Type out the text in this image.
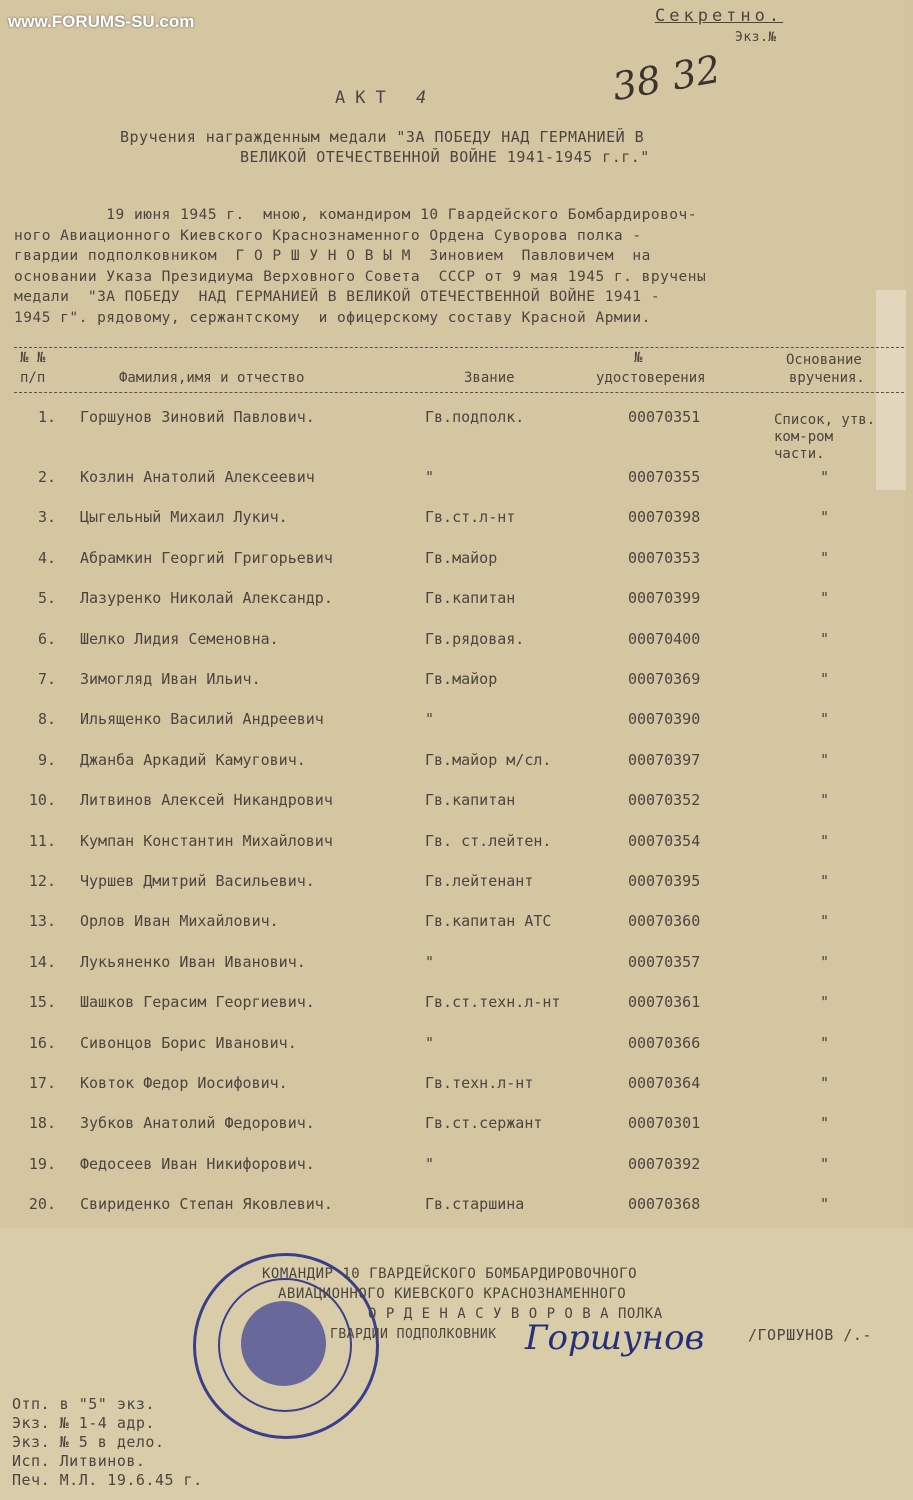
www.FORUMS-SU.com	Секретно.
Экз.№
38 32
АКТ 4
Вручения награжденным медали "ЗА ПОБЕДУ НАД ГЕРМАНИЕЙ В
ВЕЛИКОЙ ОТЕЧЕСТВЕННОЙ ВОЙНЕ 1941-1945 г.г."
19 июня 1945 г.  мною, командиром 10 Гвардейского Бомбардировоч-
ного Авиационного Киевского Краснознаменного Ордена Суворова полка -
гвардии подполковником  Г О Р Ш У Н О В Ы М  Зиновием  Павловичем  на
основании Указа Президиума Верховного Совета  СССР от 9 мая 1945 г. вручены
медали  "ЗА ПОБЕДУ  НАД ГЕРМАНИЕЙ В ВЕЛИКОЙ ОТЕЧЕСТВЕННОЙ ВОЙНЕ 1941 -
1945 г". рядовому, сержантскому  и офицерскому составу Красной Армии.
№ №
п/п	Фамилия,имя и отчество	Звание
№
удостоверения
Основание
вручения.
Список, утв.
ком-ром
части.
1. Горшунов Зиновий Павлович.	Гв.подполк.	00070351
2. Козлин Анатолий Алексеевич	"	00070355	"
3. Цыгельный Михаил Лукич.	Гв.ст.л-нт	00070398	"
4. Абрамкин Георгий Григорьевич	Гв.майор	00070353	"
5. Лазуренко Николай Александр.	Гв.капитан	00070399	"
6. Шелко Лидия Семеновна.	Гв.рядовая.	00070400	"
7. Зимогляд Иван Ильич.	Гв.майор	00070369	"
8. Ильященко Василий Андреевич	"	00070390	"
9. Джанба Аркадий Камугович.	Гв.майор м/сл.	00070397	"
10. Литвинов Алексей Никандрович	Гв.капитан	00070352	"
11. Кумпан Константин Михайлович	Гв. ст.лейтен.	00070354	"
12. Чуршев Дмитрий Васильевич.	Гв.лейтенант	00070395	"
13. Орлов Иван Михайлович.	Гв.капитан АТС	00070360	"
14. Лукьяненко Иван Иванович.	"	00070357	"
15. Шашков Герасим Георгиевич.	Гв.ст.техн.л-нт	00070361	"
16. Сивонцов Борис Иванович.	"	00070366	"
17. Ковток Федор Иосифович.	Гв.техн.л-нт	00070364	"
18. Зубков Анатолий Федорович.	Гв.ст.сержант	00070301	"
19. Федосеев Иван Никифорович.	"	00070392	"
20. Свириденко Степан Яковлевич.	Гв.старшина	00070368	"
КОМАНДИР 10 ГВАРДЕЙСКОГО БОМБАРДИРОВОЧНОГО
АВИАЦИОННОГО КИЕВСКОГО КРАСНОЗНАМЕННОГО
О Р Д Е Н А С У В О Р О В А ПОЛКА
ГВАРДИИ ПОДПОЛКОВНИК Горшунов	/ГОРШУНОВ /.-
Отп. в "5" экз.
Экз. № 1-4 адр.
Экз. № 5 в дело.
Исп. Литвинов.
Печ. М.Л. 19.6.45 г.
